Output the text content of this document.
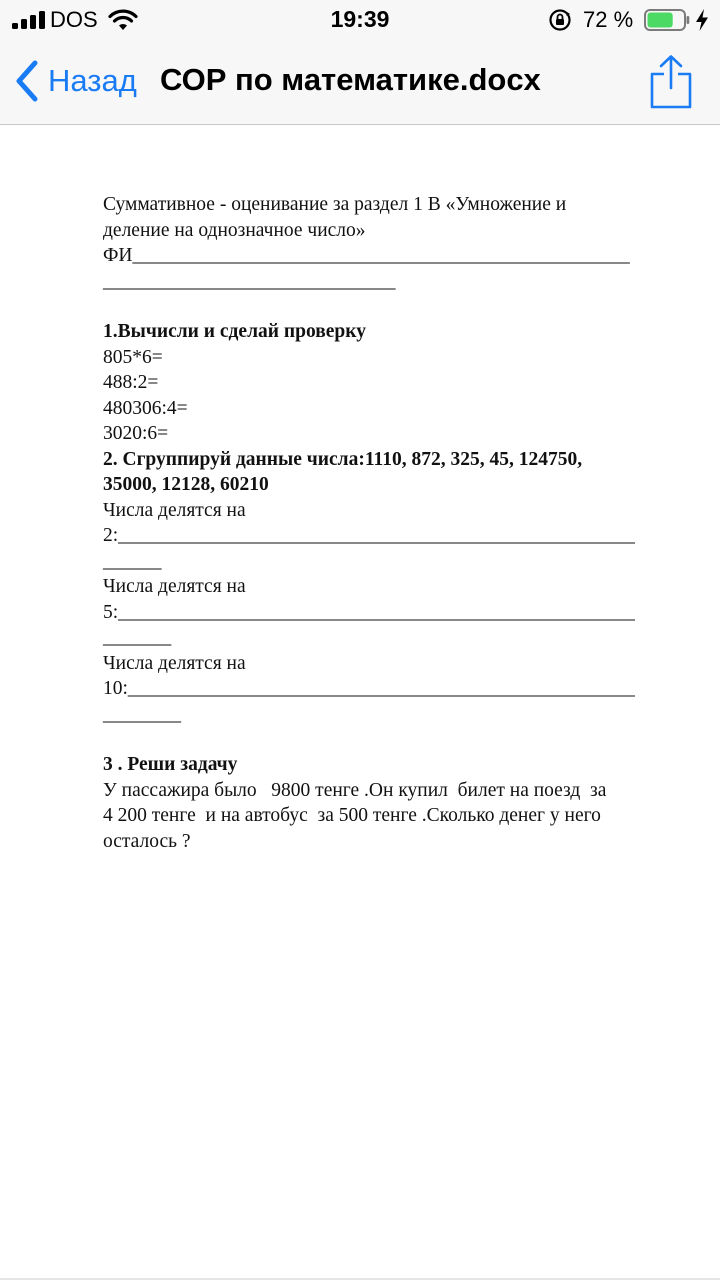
DOS	19:39	72 %
Назад СОР по математике.docx

Суммативное - оценивание за раздел 1 В «Умножение и

деление на однозначное число»

ФИ___________________________________________________

______________________________

1.Вычисли и сделай проверку

805*6=

488:2=

480306:4=

3020:6=

2. Сгруппируй данные числа:1110, 872, 325, 45, 124750,

35000, 12128, 60210

Числа делятся на

2:_____________________________________________________

______

Числа делятся на

5:_____________________________________________________

_______

Числа делятся на

10:____________________________________________________

________

3 . Реши задачу

У пассажира было   9800 тенге .Он купил  билет на поезд  за

4 200 тенге  и на автобус  за 500 тенге .Сколько денег у него

осталось ?
